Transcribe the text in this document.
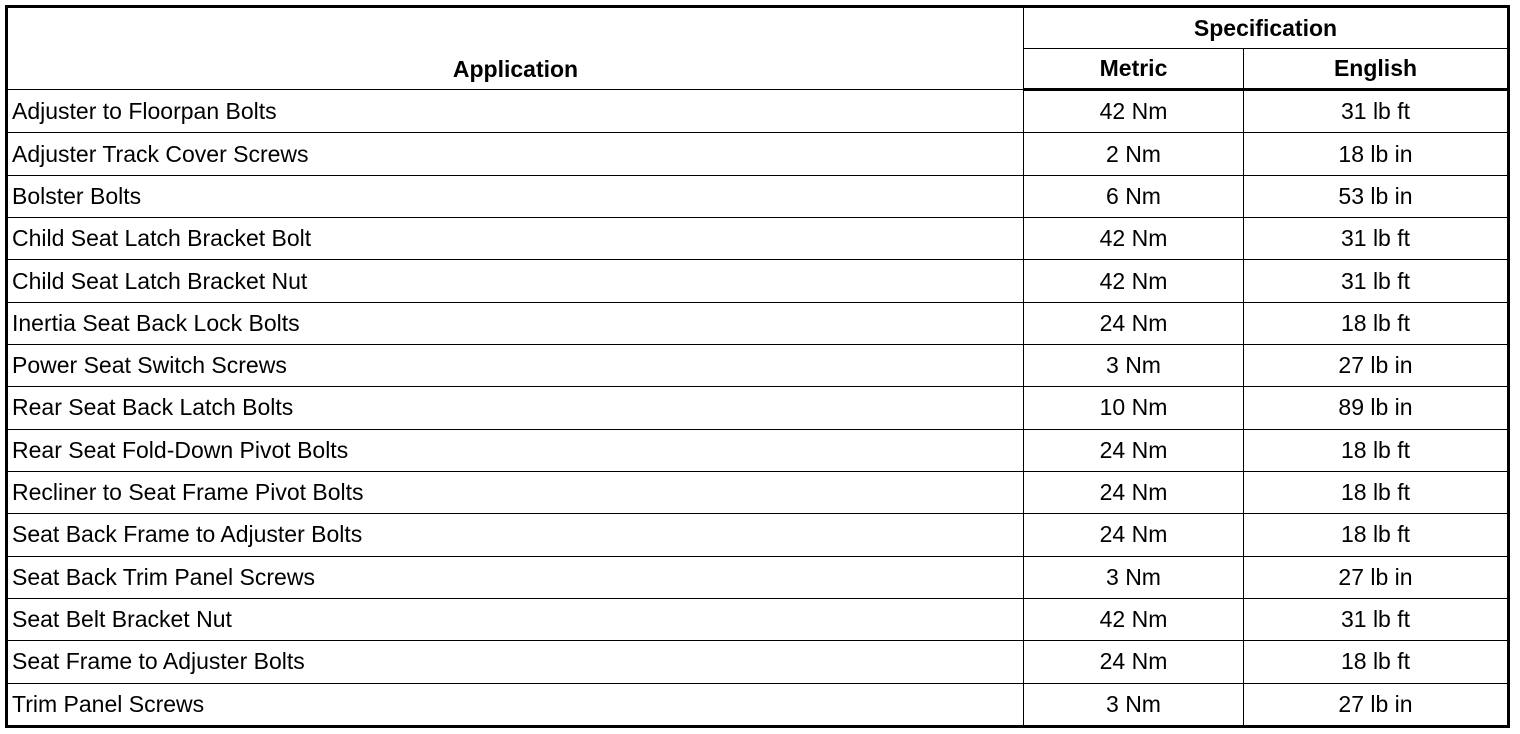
Application	Specification	
	Metric	English
Adjuster to Floorpan Bolts	42 Nm	31 lb ft
Adjuster Track Cover Screws	2 Nm	18 lb in
Bolster Bolts	6 Nm	53 lb in
Child Seat Latch Bracket Bolt	42 Nm	31 lb ft
Child Seat Latch Bracket Nut	42 Nm	31 lb ft
Inertia Seat Back Lock Bolts	24 Nm	18 lb ft
Power Seat Switch Screws	3 Nm	27 lb in
Rear Seat Back Latch Bolts	10 Nm	89 lb in
Rear Seat Fold-Down Pivot Bolts	24 Nm	18 lb ft
Recliner to Seat Frame Pivot Bolts	24 Nm	18 lb ft
Seat Back Frame to Adjuster Bolts	24 Nm	18 lb ft
Seat Back Trim Panel Screws	3 Nm	27 lb in
Seat Belt Bracket Nut	42 Nm	31 lb ft
Seat Frame to Adjuster Bolts	24 Nm	18 lb ft
Trim Panel Screws	3 Nm	27 lb in
